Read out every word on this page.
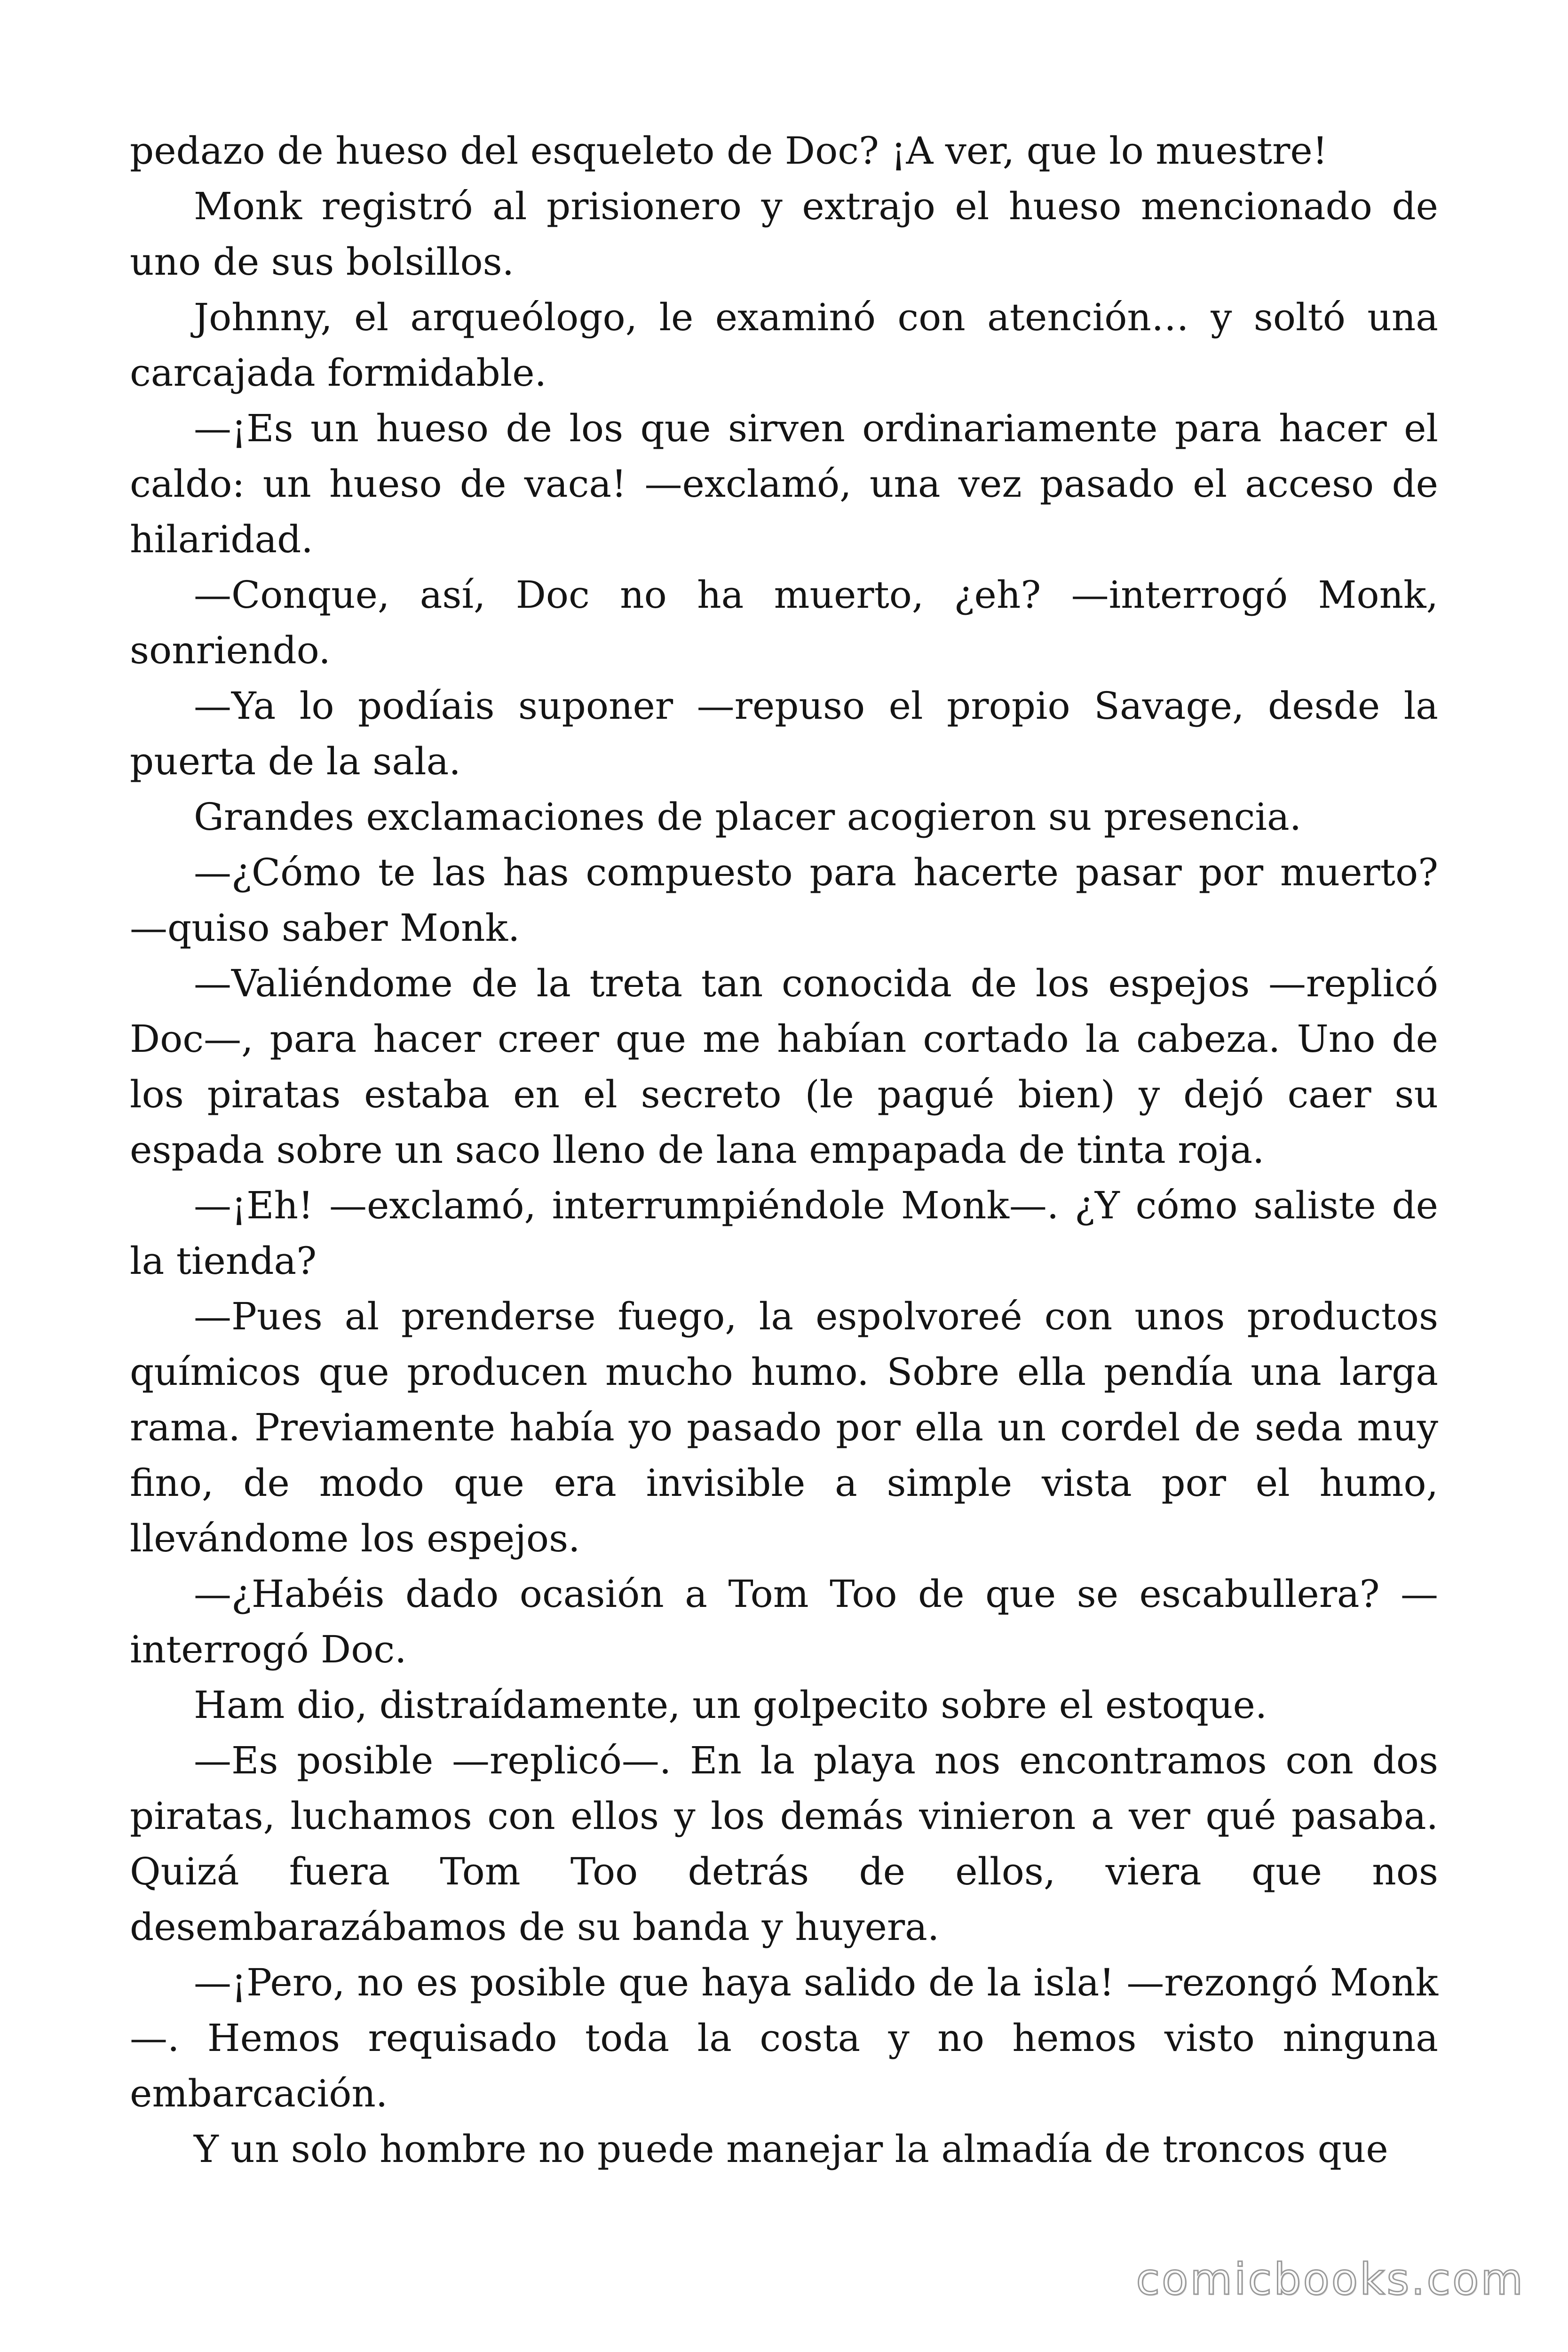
pedazo de hueso del esqueleto de Doc? ¡A ver, que lo muestre!

Monk registró al prisionero y extrajo el hueso mencionado de uno de sus bolsillos.

Johnny, el arqueólogo, le examinó con atención… y soltó una carcajada formidable.

—¡Es un hueso de los que sirven ordinariamente para hacer el caldo: un hueso de vaca! —exclamó, una vez pasado el acceso de hilaridad.

—Conque, así, Doc no ha muerto, ¿eh? —interrogó Monk, sonriendo.

—Ya lo podíais suponer —repuso el propio Savage, desde la puerta de la sala.

Grandes exclamaciones de placer acogieron su presencia.

—¿Cómo te las has compuesto para hacerte pasar por muerto? —quiso saber Monk.

—Valiéndome de la treta tan conocida de los espejos —replicó Doc—, para hacer creer que me habían cortado la cabeza. Uno de los piratas estaba en el secreto (le pagué bien) y dejó caer su espada sobre un saco lleno de lana empapada de tinta roja.

—¡Eh! —exclamó, interrumpiéndole Monk—. ¿Y cómo saliste de la tienda?

—Pues al prenderse fuego, la espolvoreé con unos productos químicos que producen mucho humo. Sobre ella pendía una larga rama. Previamente había yo pasado por ella un cordel de seda muy fino, de modo que era invisible a simple vista por el humo, llevándome los espejos.

—¿Habéis dado ocasión a Tom Too de que se escabullera? —interrogó Doc.

Ham dio, distraídamente, un golpecito sobre el estoque.

—Es posible —replicó—. En la playa nos encontramos con dos piratas, luchamos con ellos y los demás vinieron a ver qué pasaba. Quizá fuera Tom Too detrás de ellos, viera que nos desembarazábamos de su banda y huyera.

—¡Pero, no es posible que haya salido de la isla! —rezongó Monk—. Hemos requisado toda la costa y no hemos visto ninguna embarcación.

Y un solo hombre no puede manejar la almadía de troncos que

comicbooks.com
